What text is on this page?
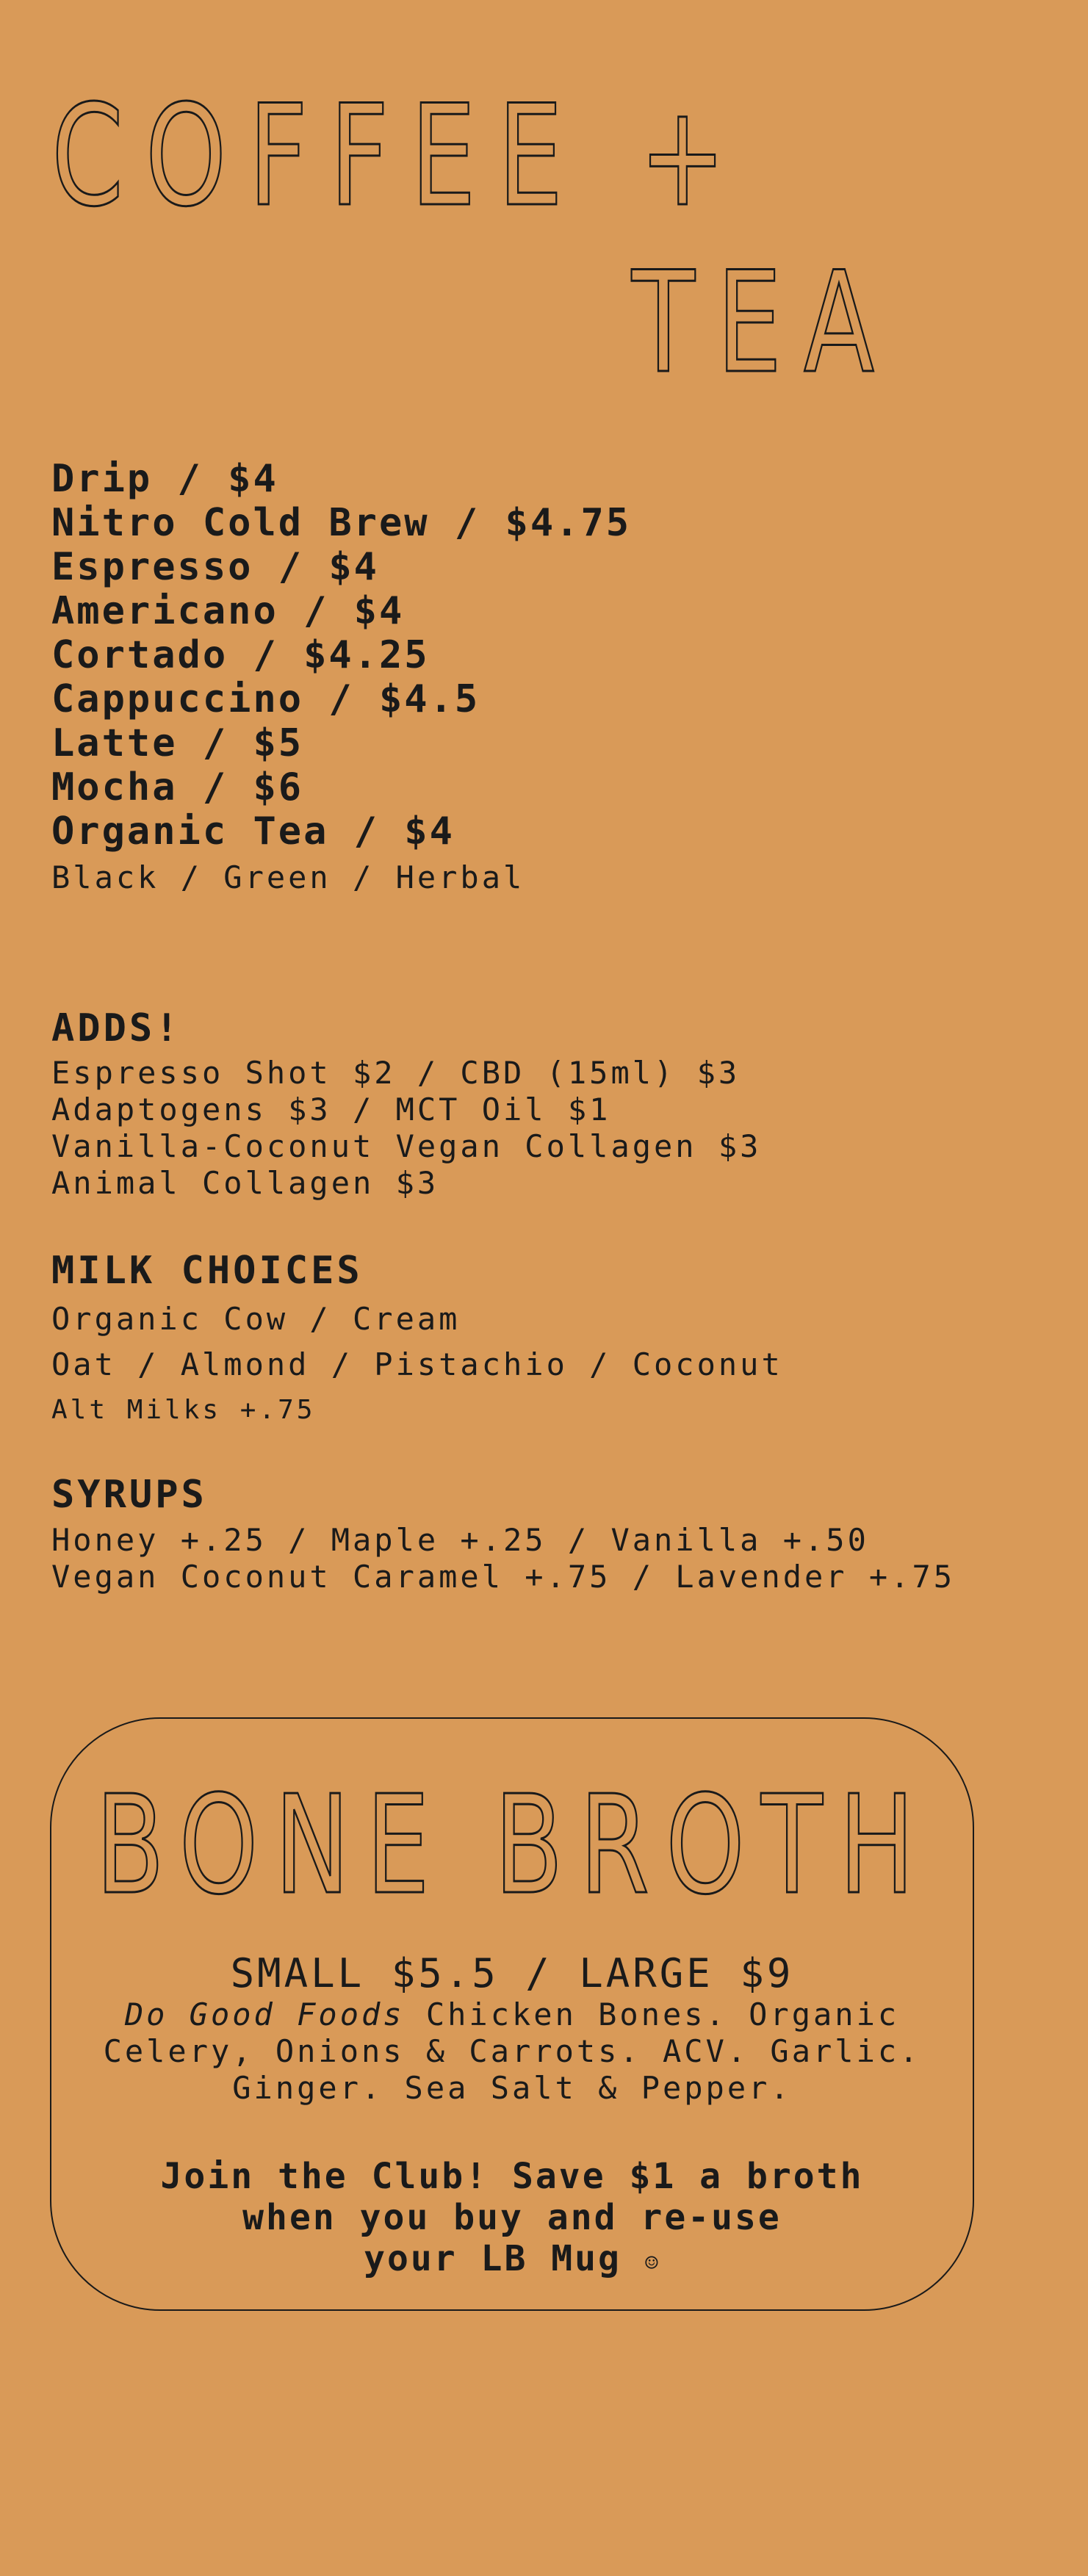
COFFEE +
TEA
Drip / $4
Nitro Cold Brew / $4.75
Espresso / $4
Americano / $4
Cortado / $4.25
Cappuccino / $4.5
Latte / $5
Mocha / $6
Organic Tea / $4
Black / Green / Herbal
ADDS!
Espresso Shot $2 / CBD (15ml) $3
Adaptogens $3 / MCT Oil $1
Vanilla-Coconut Vegan Collagen $3
Animal Collagen $3
MILK CHOICES
Organic Cow / Cream
Oat / Almond / Pistachio / Coconut
Alt Milks +.75
SYRUPS
Honey +.25 / Maple +.25 / Vanilla +.50
Vegan Coconut Caramel +.75 / Lavender +.75
BONE BROTH

SMALL $5.5 / LARGE $9

Do Good Foods Chicken Bones. Organic
Celery, Onions & Carrots. ACV. Garlic.
Ginger. Sea Salt & Pepper.

Join the Club! Save $1 a broth
when you buy and re-use
your LB Mug ☺
